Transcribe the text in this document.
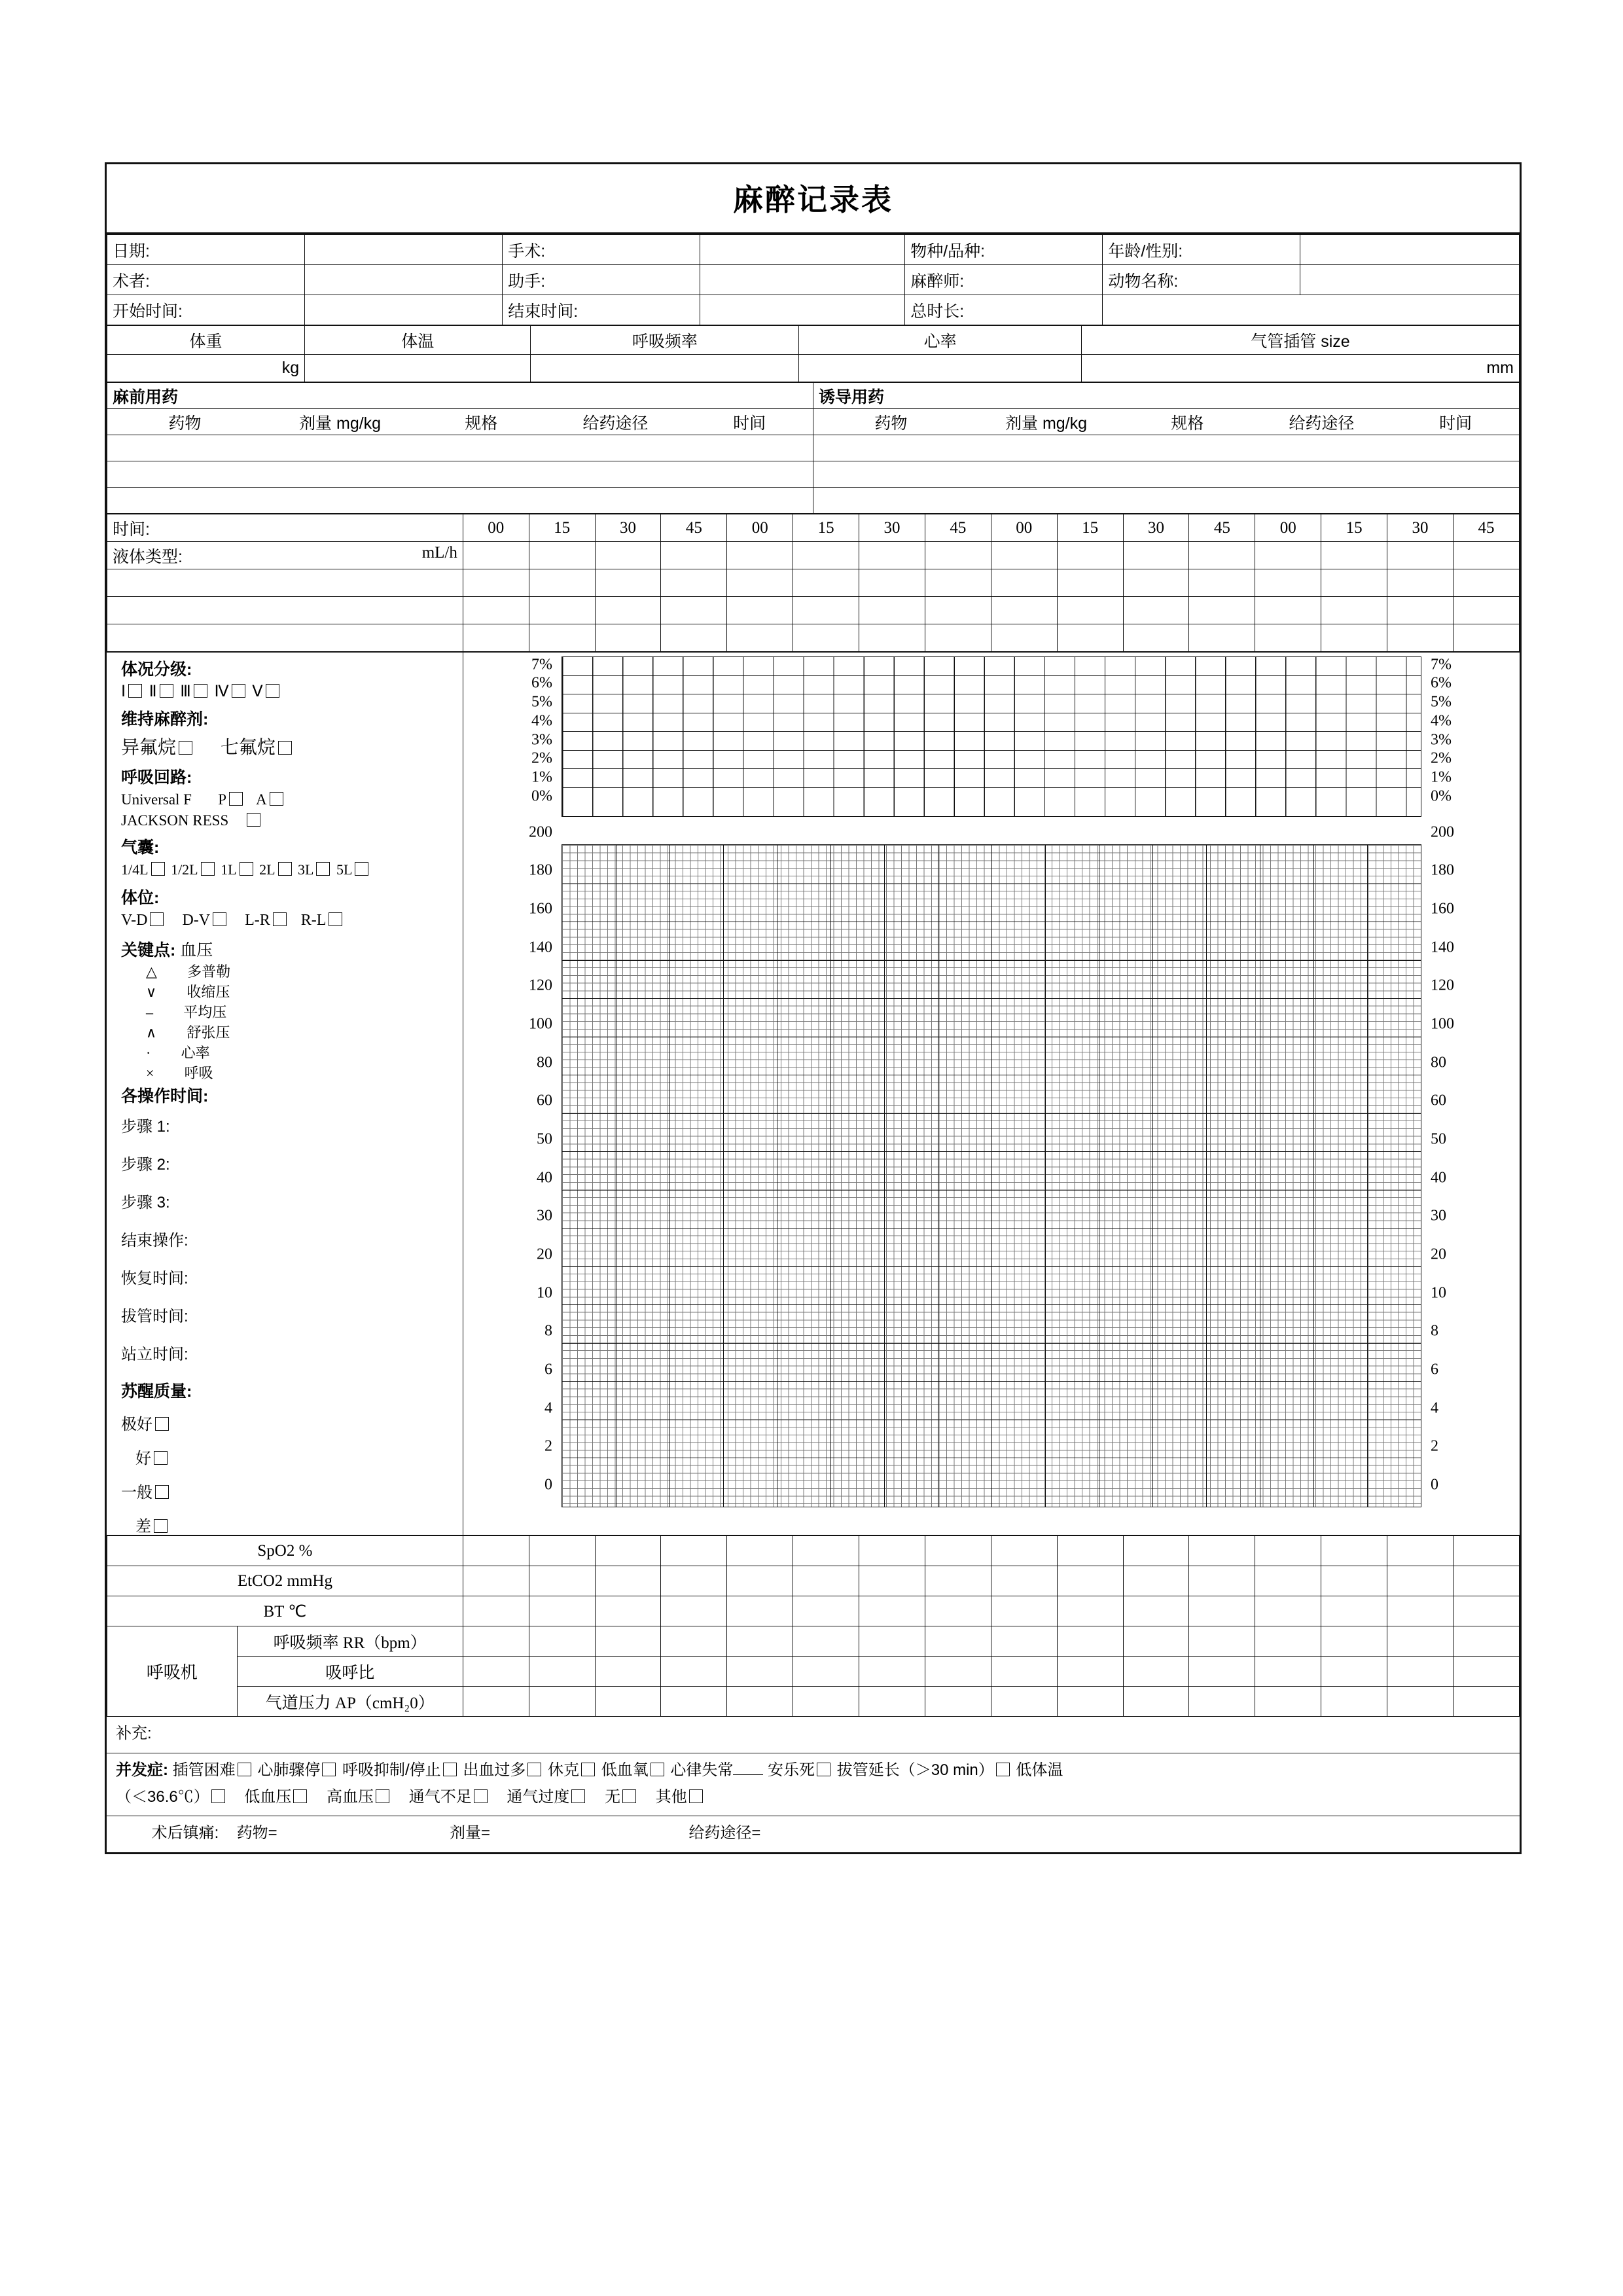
麻醉记录表
日期:		手术:		物种/品种:	年龄/性别:	
术者:		助手:		麻醉师:	动物名称:	
开始时间:		结束时间:		总时长:		
体重	体温	呼吸频率	心率	气管插管 size
kg				mm
麻前用药					诱导用药				
药物	剂量 mg/kg	规格	给药途径	时间	药物	剂量 mg/kg	规格	给药途径	时间

时间:	00	15	30	45	00	15	30	45	00	15	30	45	00	15	30	45
液体类型: mL/h																

体况分级:
Ⅰ Ⅱ Ⅲ Ⅳ Ⅴ
维持麻醉剂:
异氟烷 七氟烷
呼吸回路:
Universal F P A
JACKSON RESS
气囊:
1/4L 1/2L 1L 2L 3L 5L
体位:
V-D D-V L-R R-L
关键点: 血压
△ 多普勒
∨ 收缩压
– 平均压
∧ 舒张压
· 心率
× 呼吸
各操作时间:
步骤 1:
步骤 2:
步骤 3:
结束操作:
恢复时间:
拔管时间:
站立时间:
苏醒质量:
极好
好
一般
差
7%
6%
5%
4%
3%
2%
1%
0%
200
180
160
140
120
100
80
60
50
40
30
20
10
8
6
4
2
0
7%
6%
5%
4%
3%
2%
1%
0%
200
180
160
140
120
100
80
60
50
40
30
20
10
8
6
4
2
0
SpO2 %																	
EtCO2 mmHg																	
BT ℃																	
呼吸机	呼吸频率 RR（bpm）																
	吸呼比																
	气道压力 AP（cmH₂0）																
补充:
并发症: 插管困难 心肺骤停 呼吸抑制/停止 出血过多 休克 低血氧 心律失常 安乐死 拔管延长（＞30 min） 低体温
（＜36.6℃） 低血压 高血压 通气不足 通气过度 无 其他
术后镇痛: 药物=	剂量=	给药途径=
